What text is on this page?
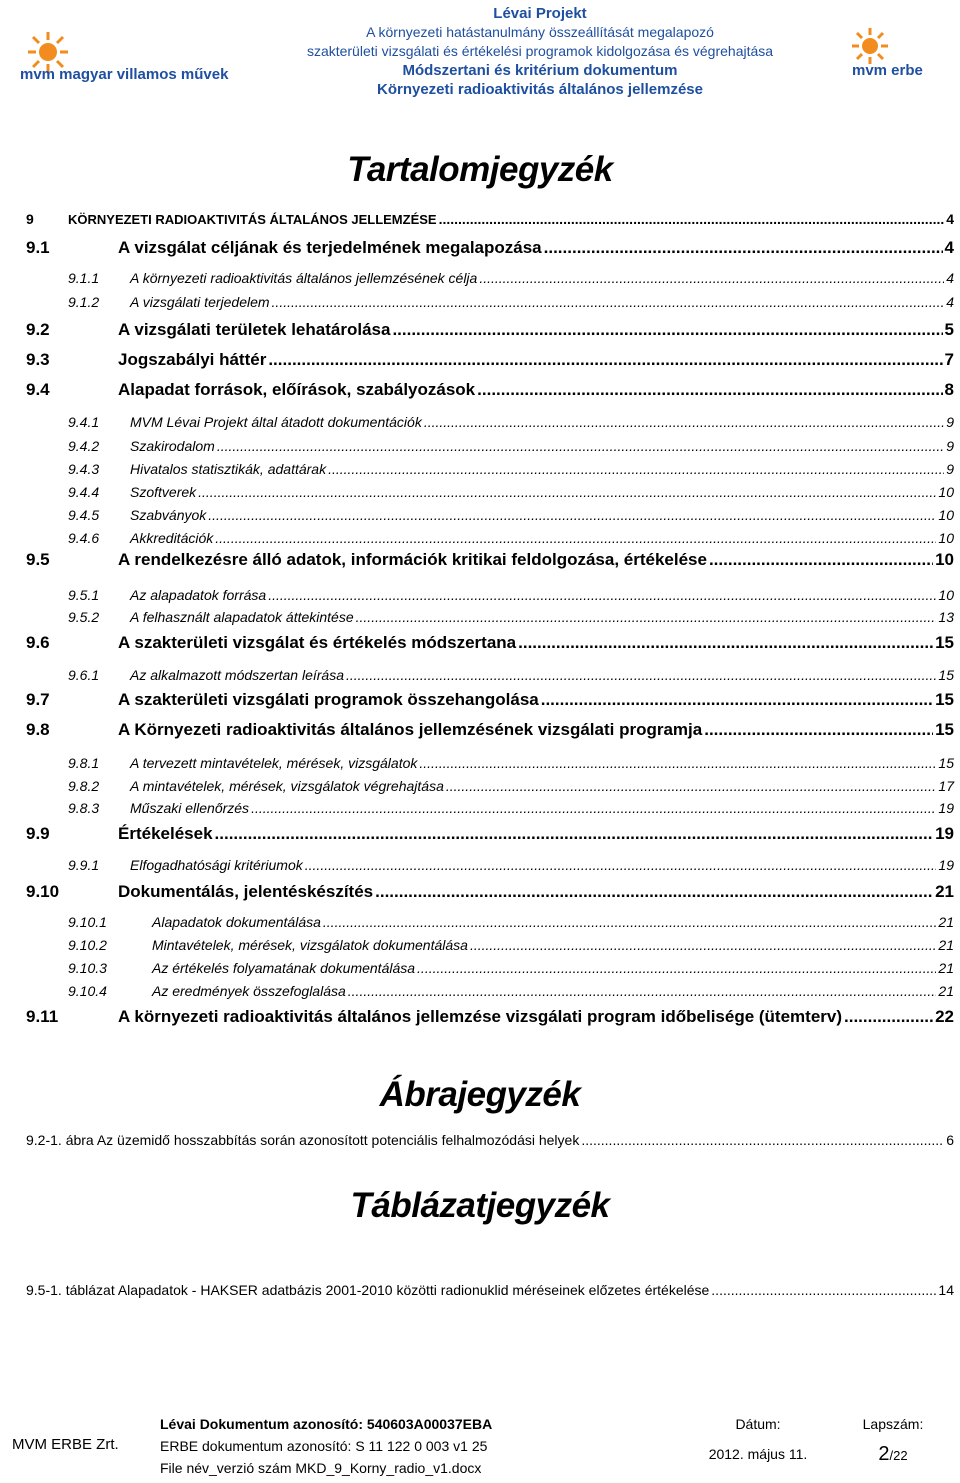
mvm magyar villamos művek
Lévai Projekt
A környezeti hatástanulmány összeállítását megalapozó
szakterületi vizsgálati és értékelési programok kidolgozása és végrehajtása
Módszertani és kritérium dokumentum
Környezeti radioaktivitás általános jellemzése
mvm erbe
Tartalomjegyzék
9	KÖRNYEZETI RADIOAKTIVITÁS ÁLTALÁNOS JELLEMZÉSE .....	4
9.1	A vizsgálat céljának és terjedelmének megalapozása .....	4
9.1.1	A környezeti radioaktivitás általános jellemzésének célja .....	4
9.1.2	A vizsgálati terjedelem .....	4
9.2	A vizsgálati területek lehatárolása .....	5
9.3	Jogszabályi háttér .....	7
9.4	Alapadat források, előírások, szabályozások .....	8
9.4.1	MVM Lévai Projekt által átadott dokumentációk .....	9
9.4.2	Szakirodalom .....	9
9.4.3	Hivatalos statisztikák, adattárak .....	9
9.4.4	Szoftverek .....	10
9.4.5	Szabványok .....	10
9.4.6	Akkreditációk .....	10
9.5	A rendelkezésre álló adatok, információk kritikai feldolgozása, értékelése .....	10
9.5.1	Az alapadatok forrása .....	10
9.5.2	A felhasznált alapadatok áttekintése .....	13
9.6	A szakterületi vizsgálat és értékelés módszertana .....	15
9.6.1	Az alkalmazott módszertan leírása .....	15
9.7	A szakterületi vizsgálati programok összehangolása .....	15
9.8	A Környezeti radioaktivitás általános jellemzésének vizsgálati programja .....	15
9.8.1	A tervezett mintavételek, mérések, vizsgálatok .....	15
9.8.2	A mintavételek, mérések, vizsgálatok végrehajtása .....	17
9.8.3	Műszaki ellenőrzés .....	19
9.9	Értékelések .....	19
9.9.1	Elfogadhatósági kritériumok .....	19
9.10	Dokumentálás, jelentéskészítés .....	21
9.10.1	Alapadatok dokumentálása .....	21
9.10.2	Mintavételek, mérések, vizsgálatok dokumentálása .....	21
9.10.3	Az értékelés folyamatának dokumentálása .....	21
9.10.4	Az eredmények összefoglalása .....	21
9.11	A környezeti radioaktivitás általános jellemzése vizsgálati program időbelisége (ütemterv) .....	22
Ábrajegyzék
9.2-1. ábra Az üzemidő hosszabbítás során azonosított potenciális felhalmozódási helyek .....	6
Táblázatjegyzék
9.5-1. táblázat Alapadatok - HAKSER adatbázis 2001-2010 közötti radionuklid méréseinek előzetes értékelése .....	14
MVM ERBE Zrt.	Lévai Dokumentum azonosító: 540603A00037EBA	Dátum:	Lapszám:
	ERBE dokumentum azonosító: S 11 122 0 003 v1 25	2012. május 11.	2/22
	File név_verzió szám MKD_9_Korny_radio_v1.docx		
